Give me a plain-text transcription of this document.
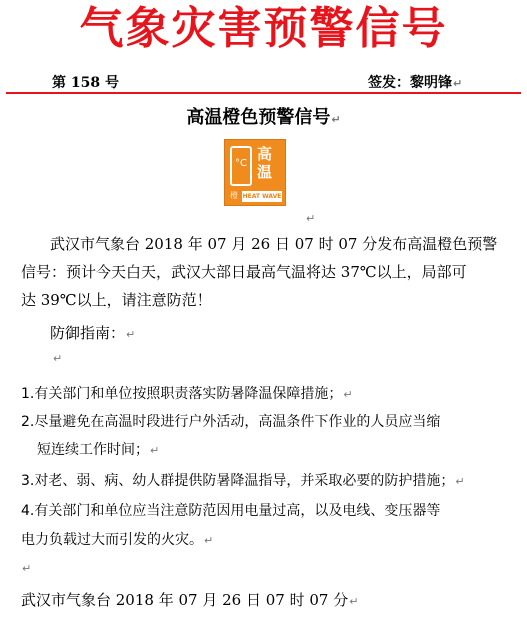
气象灾害预警信号
第 158 号	签发：黎明锋↵
高温橙色预警信号↵
°C
高
温
橙 HEAT WAVE
↵
武汉市气象台 2018 年 07 月 26 日 07 时 07 分发布高温橙色预警
信号：预计今天白天，武汉大部日最高气温将达 37℃以上，局部可
达 39℃以上，请注意防范！
防御指南：↵
↵
1.有关部门和单位按照职责落实防暑降温保障措施；↵
2.尽量避免在高温时段进行户外活动，高温条件下作业的人员应当缩
短连续工作时间；↵
3.对老、弱、病、幼人群提供防暑降温指导，并采取必要的防护措施；↵
4.有关部门和单位应当注意防范因用电量过高，以及电线、变压器等
电力负载过大而引发的火灾。↵
↵
武汉市气象台 2018 年 07 月 26 日 07 时 07 分↵
